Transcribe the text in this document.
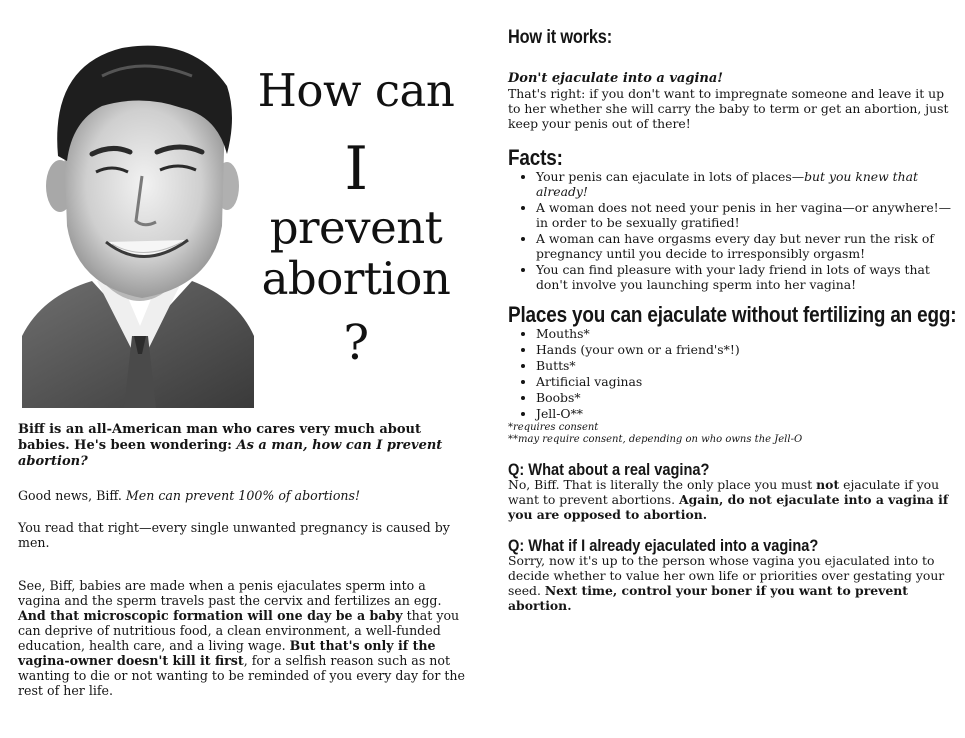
How can
I
prevent
abortion
?

Biff is an all-American man who cares very much about babies. He's been wondering: As a man, how can I prevent abortion?

Good news, Biff. Men can prevent 100% of abortions!

You read that right—every single unwanted pregnancy is caused by men.

See, Biff, babies are made when a penis ejaculates sperm into a vagina and the sperm travels past the cervix and fertilizes an egg. And that microscopic formation will one day be a baby that you can deprive of nutritious food, a clean environment, a well-funded education, health care, and a living wage. But that's only if the vagina-owner doesn't kill it first, for a selfish reason such as not wanting to die or not wanting to be reminded of you every day for the rest of her life.

How it works:
Don't ejaculate into a vagina!
That's right: if you don't want to impregnate someone and leave it up to her whether she will carry the baby to term or get an abortion, just keep your penis out of there!
Facts:
• Your penis can ejaculate in lots of places—but you knew that already!
• A woman does not need your penis in her vagina—or anywhere!—in order to be sexually gratified!
• A woman can have orgasms every day but never run the risk of pregnancy until you decide to irresponsibly orgasm!
• You can find pleasure with your lady friend in lots of ways that don't involve you launching sperm into her vagina!
Places you can ejaculate without fertilizing an egg:
• Mouths*
• Hands (your own or a friend's*!)
• Butts*
• Artificial vaginas
• Boobs*
• Jell-O**
*requires consent
**may require consent, depending on who owns the Jell-O
Q: What about a real vagina?
No, Biff. That is literally the only place you must not ejaculate if you want to prevent abortions. Again, do not ejaculate into a vagina if you are opposed to abortion.
Q: What if I already ejaculated into a vagina?
Sorry, now it's up to the person whose vagina you ejaculated into to decide whether to value her own life or priorities over gestating your seed. Next time, control your boner if you want to prevent abortion.
